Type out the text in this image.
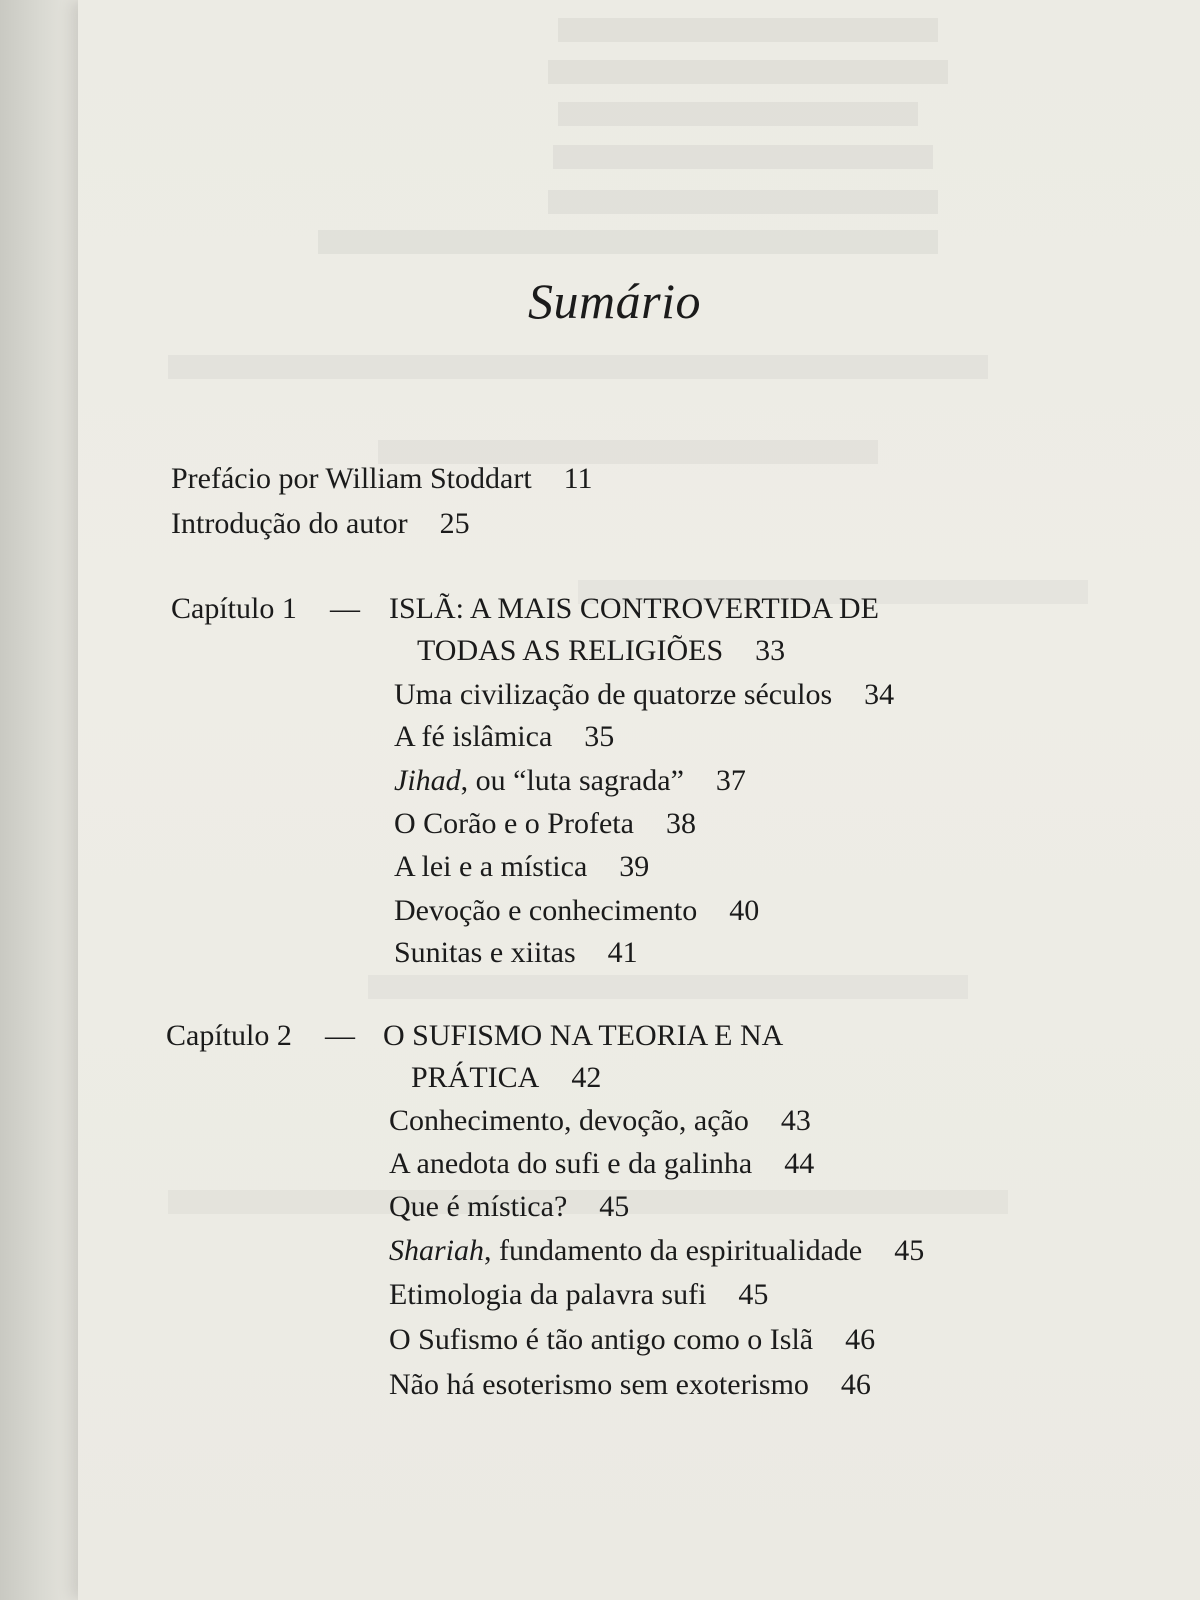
Sumário
Prefácio por William Stoddart 11
Introdução do autor 25
Capítulo 1 — ISLÃ: A MAIS CONTROVERTIDA DE
TODAS AS RELIGIÕES 33
Uma civilização de quatorze séculos 34
A fé islâmica 35
Jihad, ou “luta sagrada” 37
O Corão e o Profeta 38
A lei e a mística 39
Devoção e conhecimento 40
Sunitas e xiitas 41
Capítulo 2 — O SUFISMO NA TEORIA E NA
PRÁTICA 42
Conhecimento, devoção, ação 43
A anedota do sufi e da galinha 44
Que é mística? 45
Shariah, fundamento da espiritualidade 45
Etimologia da palavra sufi 45
O Sufismo é tão antigo como o Islã 46
Não há esoterismo sem exoterismo 46
